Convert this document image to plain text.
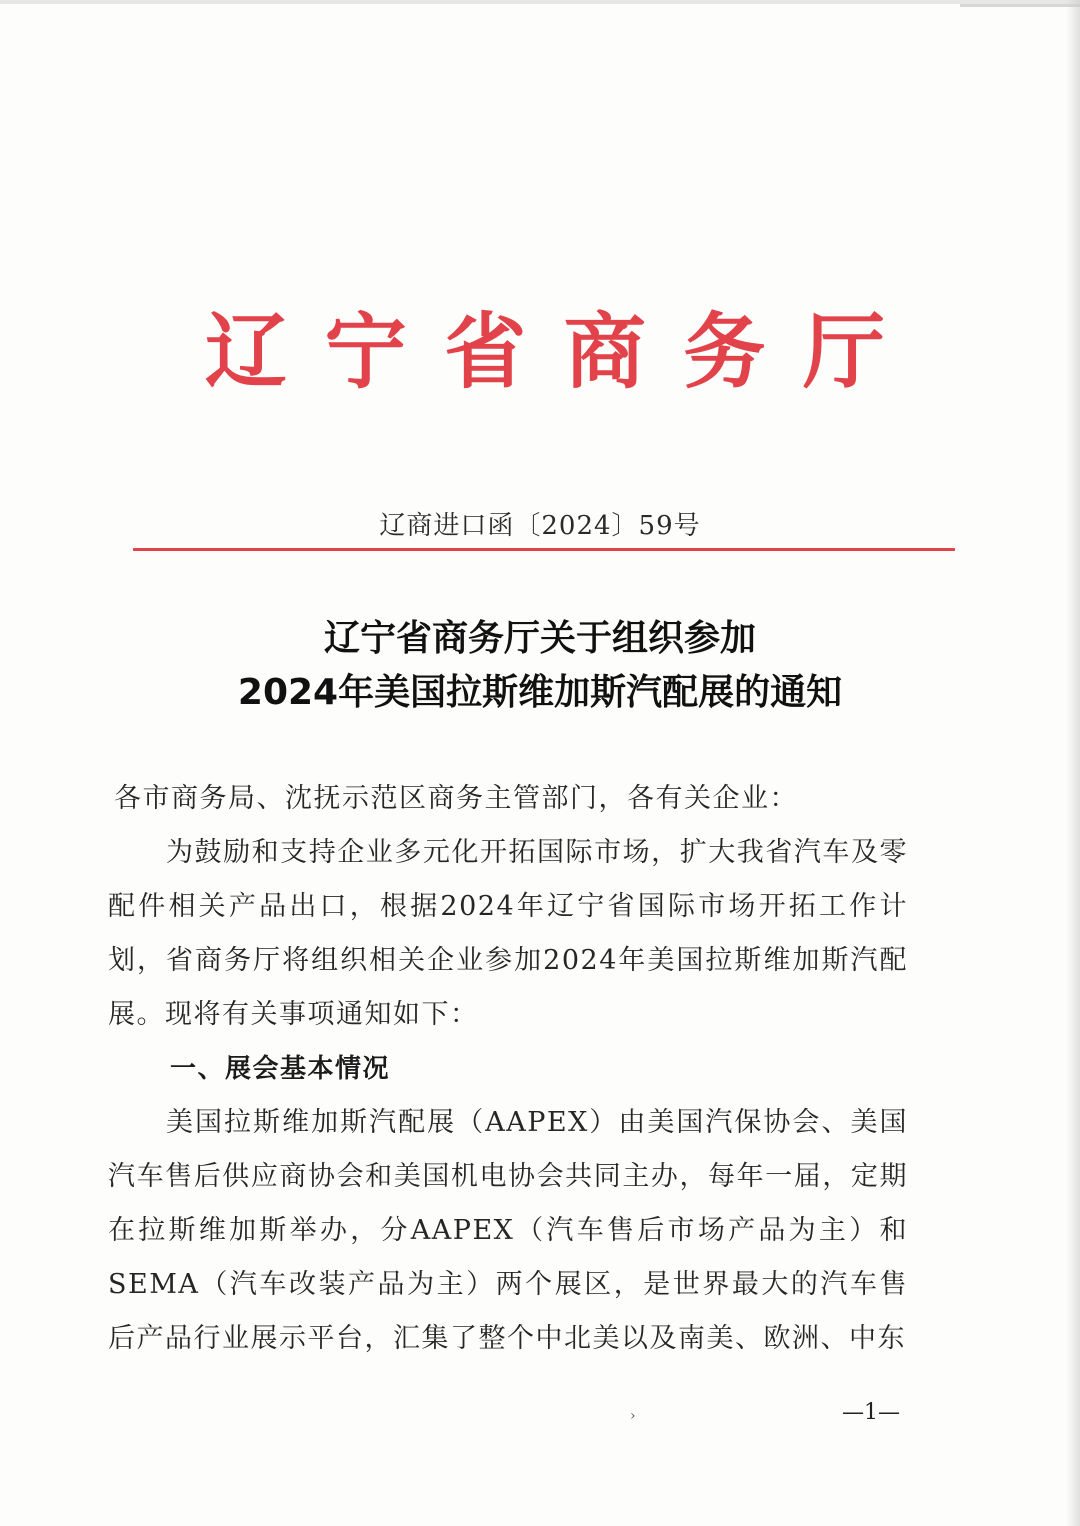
辽 宁 省 商 务 厅
辽商进口函〔2024〕59号
辽宁省商务厅关于组织参加
2024年美国拉斯维加斯汽配展的通知

各市商务局、沈抚示范区商务主管部门，各有关企业：

为鼓励和支持企业多元化开拓国际市场，扩大我省汽车及零配件相关产品出口，根据2024年辽宁省国际市场开拓工作计划，省商务厅将组织相关企业参加2024年美国拉斯维加斯汽配展。现将有关事项通知如下：

一、展会基本情况

美国拉斯维加斯汽配展（AAPEX）由美国汽保协会、美国汽车售后供应商协会和美国机电协会共同主办，每年一届，定期在拉斯维加斯举办，分AAPEX（汽车售后市场产品为主）和SEMA（汽车改装产品为主）两个展区，是世界最大的汽车售后产品行业展示平台，汇集了整个中北美以及南美、欧洲、中东

›	—1—
